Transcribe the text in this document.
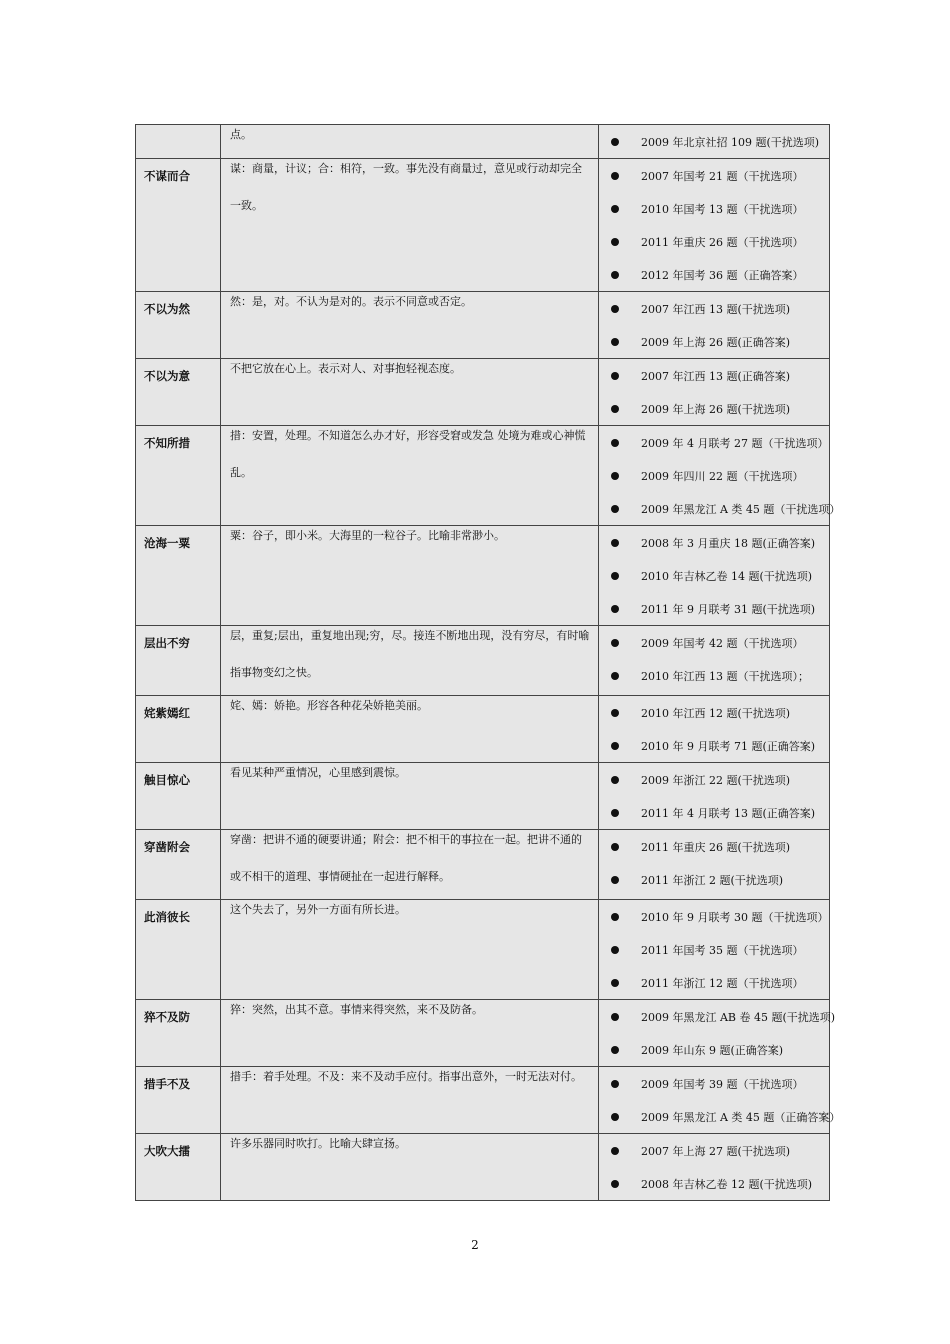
	点。	2009 年北京社招 109 题(干扰选项)

不谋而合	谋：商量，计议；合：相符，一致。事先没有商量过，意见或行动却完全一致。	2007 年国考 21 题（干扰选项）
2010 年国考 13 题（干扰选项）
2011 年重庆 26 题（干扰选项）
2012 年国考 36 题（正确答案）

不以为然	然：是，对。不认为是对的。表示不同意或否定。	2007 年江西 13 题(干扰选项)
2009 年上海 26 题(正确答案)

不以为意	不把它放在心上。表示对人、对事抱轻视态度。	2007 年江西 13 题(正确答案)
2009 年上海 26 题(干扰选项)

不知所措	措：安置，处理。不知道怎么办才好，形容受窘或发急 处境为难或心神慌乱。	2009 年 4 月联考 27 题（干扰选项）
2009 年四川 22 题（干扰选项）
2009 年黑龙江 A 类 45 题（干扰选项）

沧海一粟	粟：谷子，即小米。大海里的一粒谷子。比喻非常渺小。	2008 年 3 月重庆 18 题(正确答案)
2010 年吉林乙卷 14 题(干扰选项)
2011 年 9 月联考 31 题(干扰选项)

层出不穷	层，重复;层出，重复地出现;穷，尽。接连不断地出现，没有穷尽，有时喻指事物变幻之快。	2009 年国考 42 题（干扰选项）
2010 年江西 13 题（干扰选项）；

姹紫嫣红	姹、嫣：娇艳。形容各种花朵娇艳美丽。	2010 年江西 12 题(干扰选项)
2010 年 9 月联考 71 题(正确答案)

触目惊心	看见某种严重情况，心里感到震惊。	2009 年浙江 22 题(干扰选项)
2011 年 4 月联考 13 题(正确答案)

穿凿附会	穿凿：把讲不通的硬要讲通；附会：把不相干的事拉在一起。把讲不通的或不相干的道理、事情硬扯在一起进行解释。	2011 年重庆 26 题(干扰选项)
2011 年浙江 2 题(干扰选项)

此消彼长	这个失去了，另外一方面有所长进。	2010 年 9 月联考 30 题（干扰选项）
2011 年国考 35 题（干扰选项）
2011 年浙江 12 题（干扰选项）

猝不及防	猝：突然，出其不意。事情来得突然，来不及防备。	2009 年黑龙江 AB 卷 45 题(干扰选项)
2009 年山东 9 题(正确答案)

措手不及	措手：着手处理。不及：来不及动手应付。指事出意外，一时无法对付。	2009 年国考 39 题（干扰选项）
2009 年黑龙江 A 类 45 题（正确答案）

大吹大擂	许多乐器同时吹打。比喻大肆宣扬。	2007 年上海 27 题(干扰选项)
2008 年吉林乙卷 12 题(干扰选项)
2
